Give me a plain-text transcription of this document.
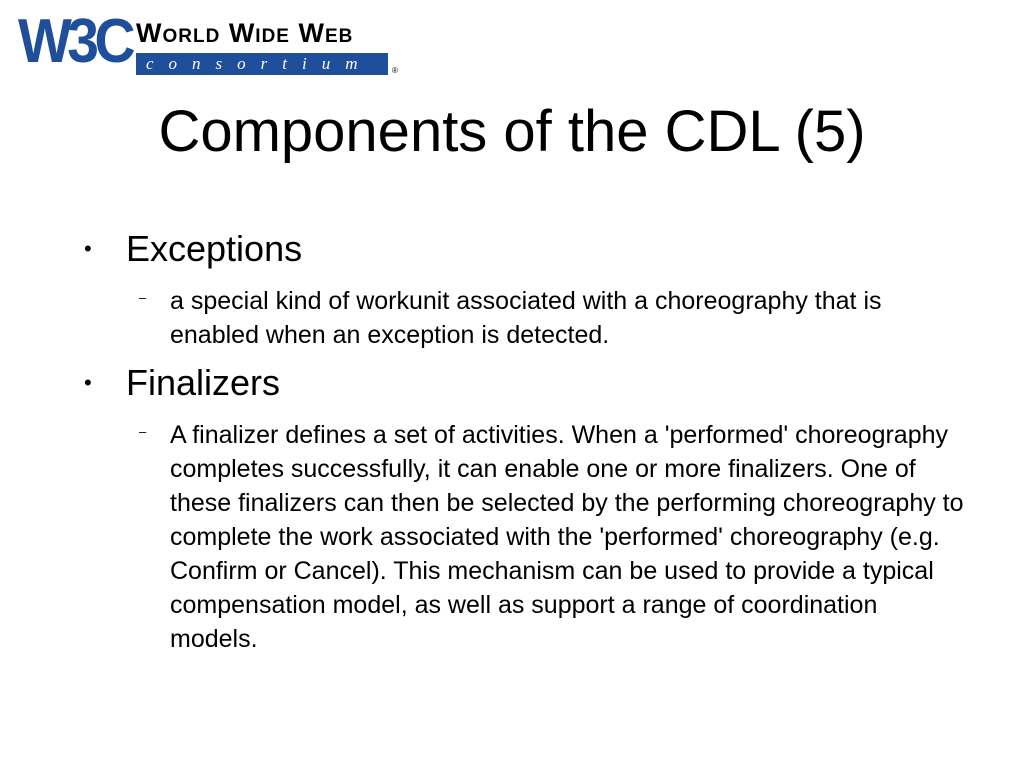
W3C World Wide Web
consortium	®
Components of the CDL (5)
• Exceptions
– a special kind of workunit associated with a choreography that is enabled when an exception is detected.
• Finalizers
– A finalizer defines a set of activities. When a 'performed' choreography completes successfully, it can enable one or more finalizers. One of these finalizers can then be selected by the performing choreography to complete the work associated with the 'performed' choreography (e.g. Confirm or Cancel). This mechanism can be used to provide a typical compensation model, as well as support a range of coordination models.
